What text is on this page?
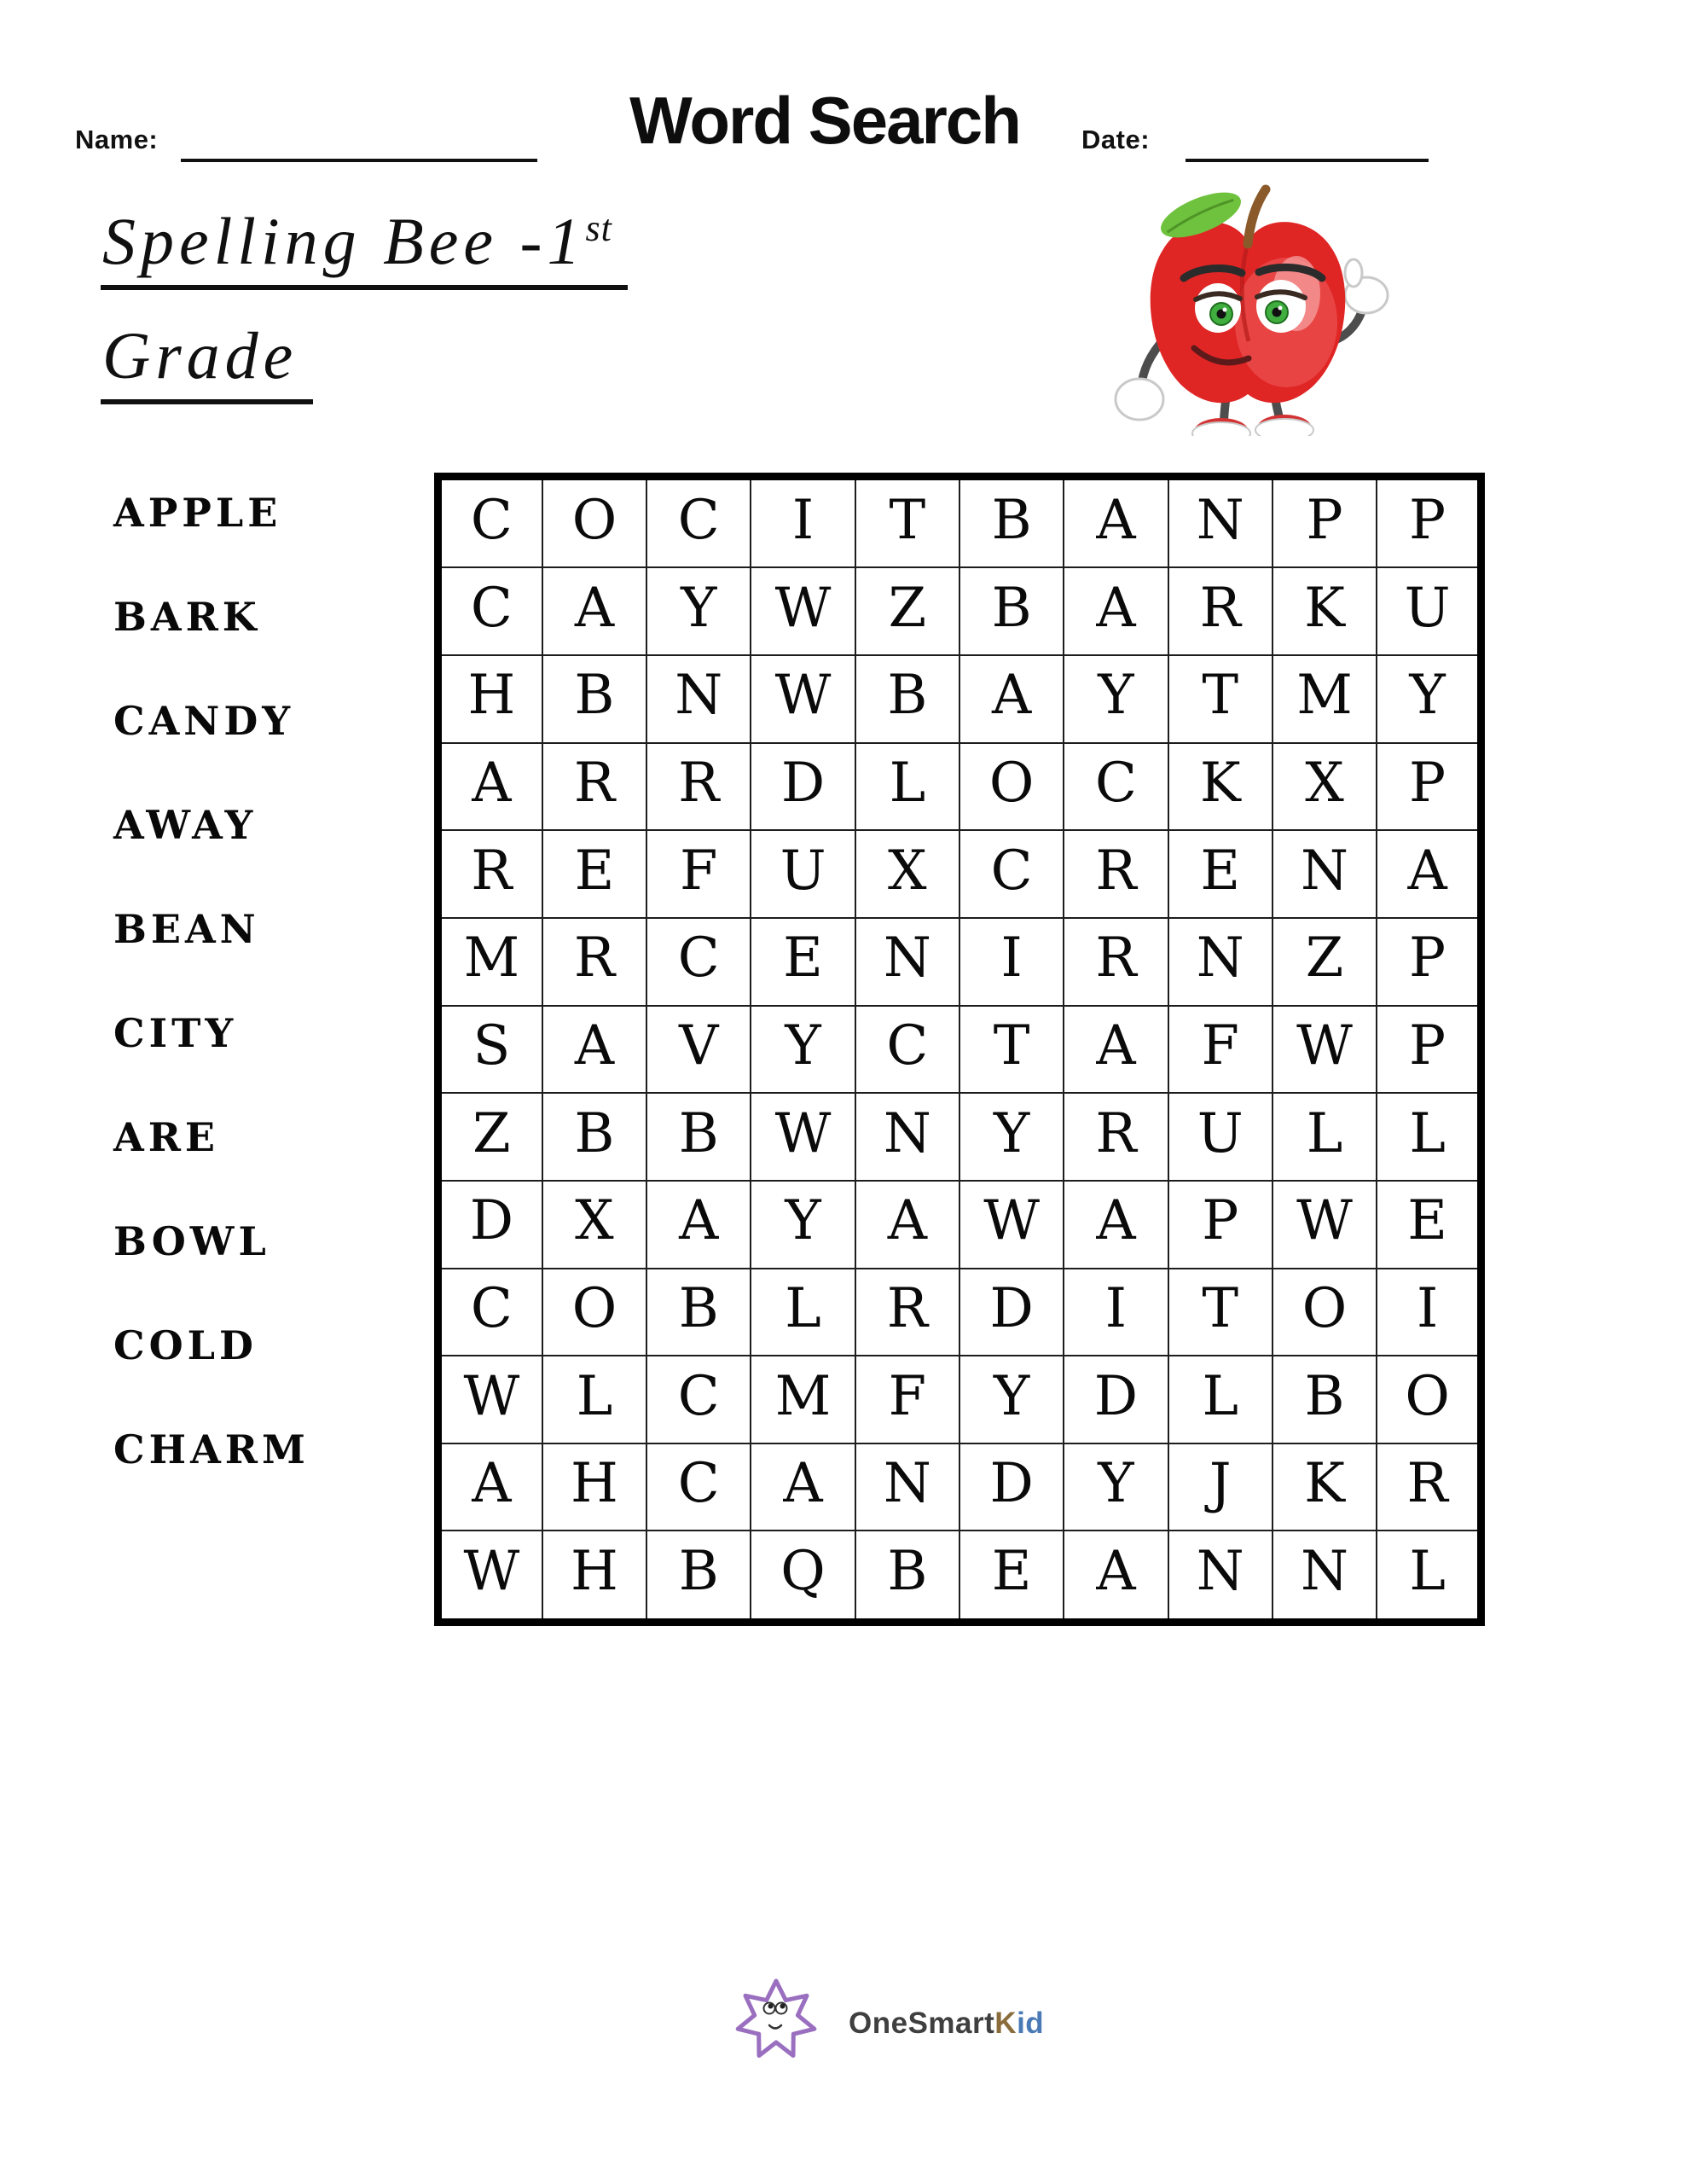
Name:	Word Search	Date:
Spelling Bee -1st
Grade
APPLE
BARK
CANDY
AWAY
BEAN
CITY
ARE
BOWL
COLD
CHARM
C	O	C	I	T	B	A	N	P	P
C	A	Y	W	Z	B	A	R	K	U
H	B	N	W	B	A	Y	T	M	Y
A	R	R	D	L	O	C	K	X	P
R	E	F	U	X	C	R	E	N	A
M	R	C	E	N	I	R	N	Z	P
S	A	V	Y	C	T	A	F	W	P
Z	B	B	W	N	Y	R	U	L	L
D	X	A	Y	A	W	A	P	W	E
C	O	B	L	R	D	I	T	O	I
W	L	C	M	F	Y	D	L	B	O
A	H	C	A	N	D	Y	J	K	R
W	H	B	Q	B	E	A	N	N	L
OneSmartKid
